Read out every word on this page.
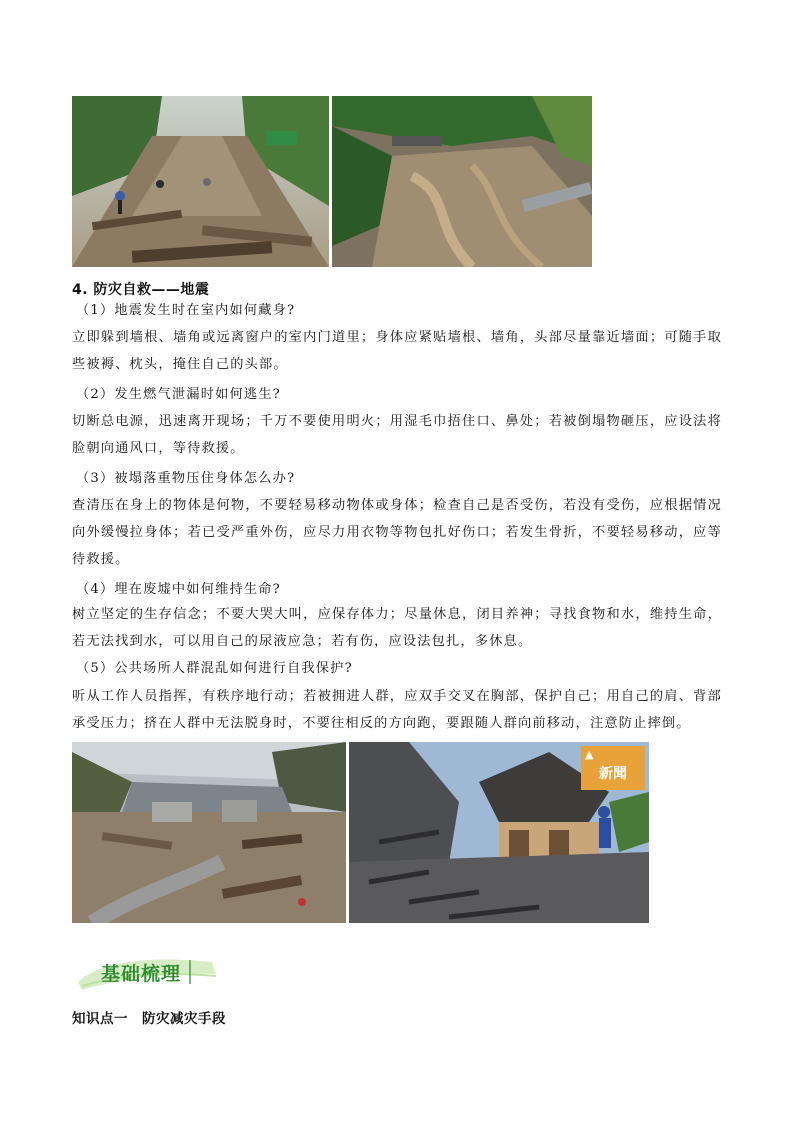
4. 防灾自救——地震
（1）地震发生时在室内如何藏身?
立即躲到墙根、墙角或远离窗户的室内门道里；身体应紧贴墙根、墙角，头部尽量靠近墙面；可随手取些被褥、枕头，掩住自己的头部。
（2）发生燃气泄漏时如何逃生?
切断总电源，迅速离开现场；千万不要使用明火；用湿毛巾捂住口、鼻处；若被倒塌物砸压，应设法将脸朝向通风口，等待救援。
（3）被塌落重物压住身体怎么办?
查清压在身上的物体是何物，不要轻易移动物体或身体；检查自己是否受伤，若没有受伤，应根据情况向外缓慢拉身体；若已受严重外伤，应尽力用衣物等物包扎好伤口；若发生骨折，不要轻易移动，应等待救援。
（4）埋在废墟中如何维持生命?
树立坚定的生存信念；不要大哭大叫，应保存体力；尽量休息，闭目养神；寻找食物和水，维持生命，若无法找到水，可以用自己的尿液应急；若有伤，应设法包扎，多休息。
（5）公共场所人群混乱如何进行自我保护?
听从工作人员指挥，有秩序地行动；若被拥进人群，应双手交叉在胸部，保护自己；用自己的肩、背部承受压力；挤在人群中无法脱身时，不要往相反的方向跑，要跟随人群向前移动，注意防止摔倒。
▲
新聞
基础梳理
知识点一 防灾减灾手段
